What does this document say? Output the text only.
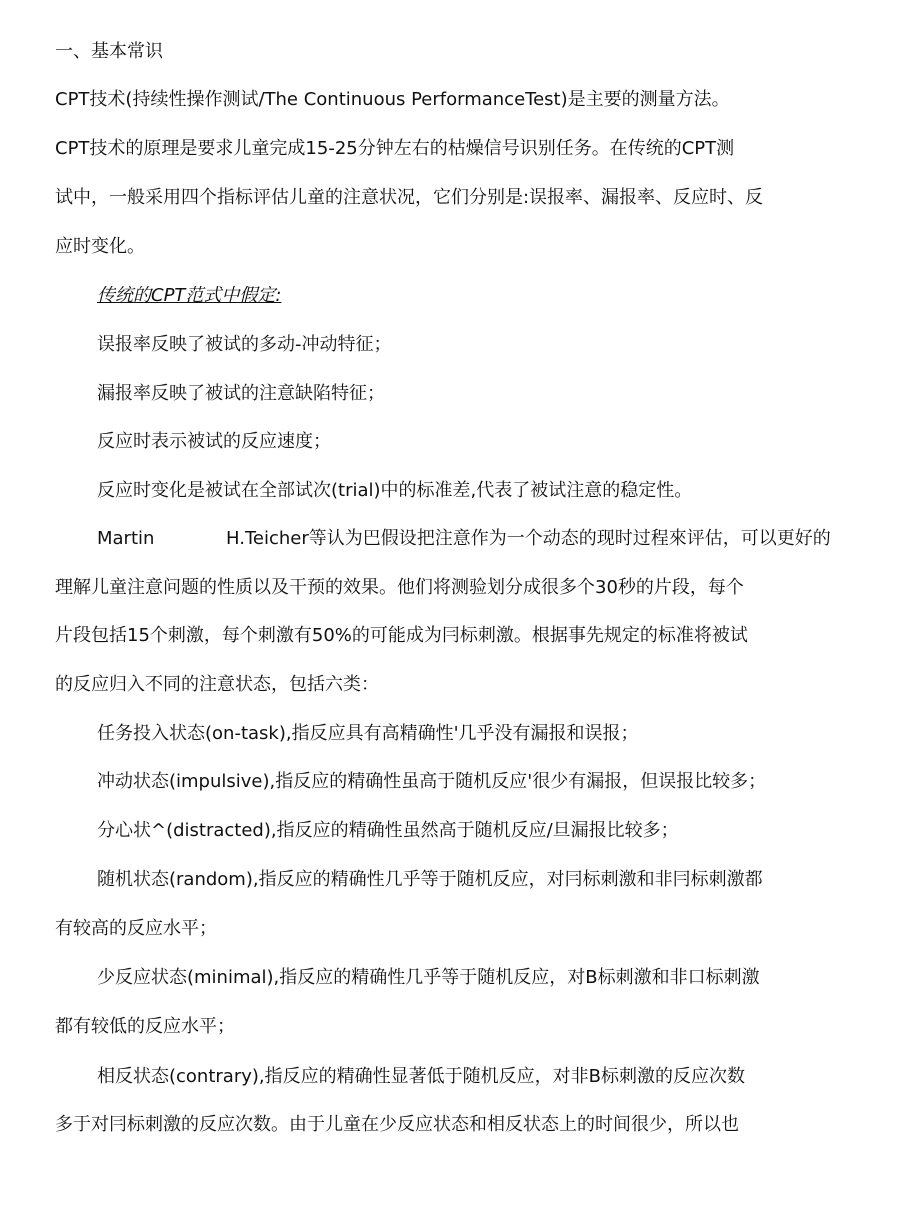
一、基本常识
CPT技术(持续性操作测试/The Continuous PerformanceTest)是主要的测量方法。
CPT技术的原理是要求儿童完成15-25分钟左右的枯燥信号识别任务。在传统的CPT测
试中，一般采用四个指标评估儿童的注意状况，它们分别是:误报率、漏报率、反应时、反
应时变化。
传统的CPT范式中假定:
误报率反映了被试的多动-冲动特征；
漏报率反映了被试的注意缺陷特征；
反应时表示被试的反应速度；
反应时变化是被试在全部试次(trial)中的标准差,代表了被试注意的稳定性。
Martin	H.Teicher等认为巴假设把注意作为一个动态的现时过程來评估，可以更好的
理解儿童注意问题的性质以及干预的效果。他们将测验划分成很多个30秒的片段，每个
片段包括15个刺激，每个刺激有50%的可能成为冃标刺激。根据事先规定的标准将被试
的反应归入不同的注意状态，包括六类：
任务投入状态(on-task),指反应具有高精确性'几乎没有漏报和误报；
冲动状态(impulsive),指反应的精确性虽高于随机反应'很少有漏报，但误报比较多；
分心状^(distracted),指反应的精确性虽然高于随机反应/旦漏报比较多；
随机状态(random),指反应的精确性几乎等于随机反应，对冃标刺激和非冃标刺激都
有较高的反应水平；
少反应状态(minimal),指反应的精确性几乎等于随机反应，对B标刺激和非口标刺激
都有较低的反应水平；
相反状态(contrary),指反应的精确性显著低于随机反应，对非B标刺激的反应次数
多于对冃标刺激的反应次数。由于儿童在少反应状态和相反状态上的时间很少，所以也
